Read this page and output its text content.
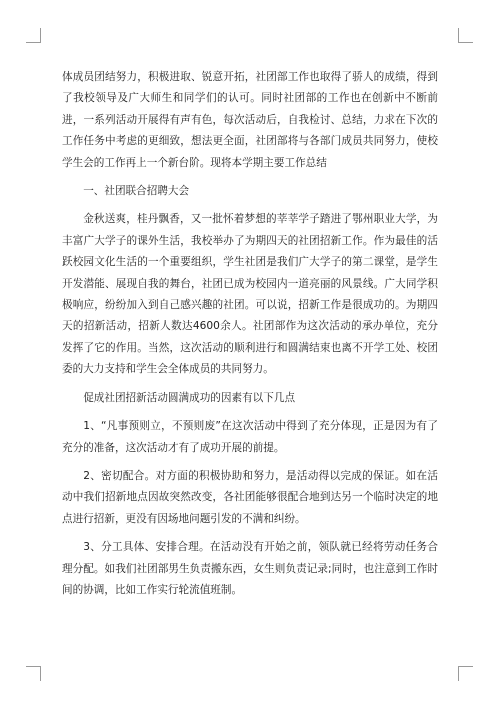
体成员团结努力，积极进取、锐意开拓，社团部工作也取得了骄人的成绩，得到了我校领导及广大师生和同学们的认可。同时社团部的工作也在创新中不断前进，一系列活动开展得有声有色，每次活动后，自我检讨、总结，力求在下次的工作任务中考虑的更细致，想法更全面，社团部将与各部门成员共同努力，使校学生会的工作再上一个新台阶。现将本学期主要工作总结

一、社团联合招聘大会

金秋送爽，桂丹飘香，又一批怀着梦想的莘莘学子踏进了鄂州职业大学，为丰富广大学子的课外生活，我校举办了为期四天的社团招新工作。作为最佳的活跃校园文化生活的一个重要组织，学生社团是我们广大学子的第二课堂，是学生开发潜能、展现自我的舞台，社团已成为校园内一道亮丽的风景线。广大同学积极响应，纷纷加入到自己感兴趣的社团。可以说，招新工作是很成功的。为期四天的招新活动，招新人数达4600余人。社团部作为这次活动的承办单位，充分发挥了它的作用。当然，这次活动的顺利进行和圆满结束也离不开学工处、校团委的大力支持和学生会全体成员的共同努力。

促成社团招新活动圆满成功的因素有以下几点

1、“凡事预则立，不预则废”在这次活动中得到了充分体现，正是因为有了充分的准备，这次活动才有了成功开展的前提。

2、密切配合。对方面的积极协助和努力，是活动得以完成的保证。如在活动中我们招新地点因故突然改变，各社团能够很配合地到达另一个临时决定的地点进行招新，更没有因场地问题引发的不满和纠纷。

3、分工具体、安排合理。在活动没有开始之前，领队就已经将劳动任务合理分配。如我们社团部男生负责搬东西，女生则负责记录;同时，也注意到工作时间的协调，比如工作实行轮流值班制。
